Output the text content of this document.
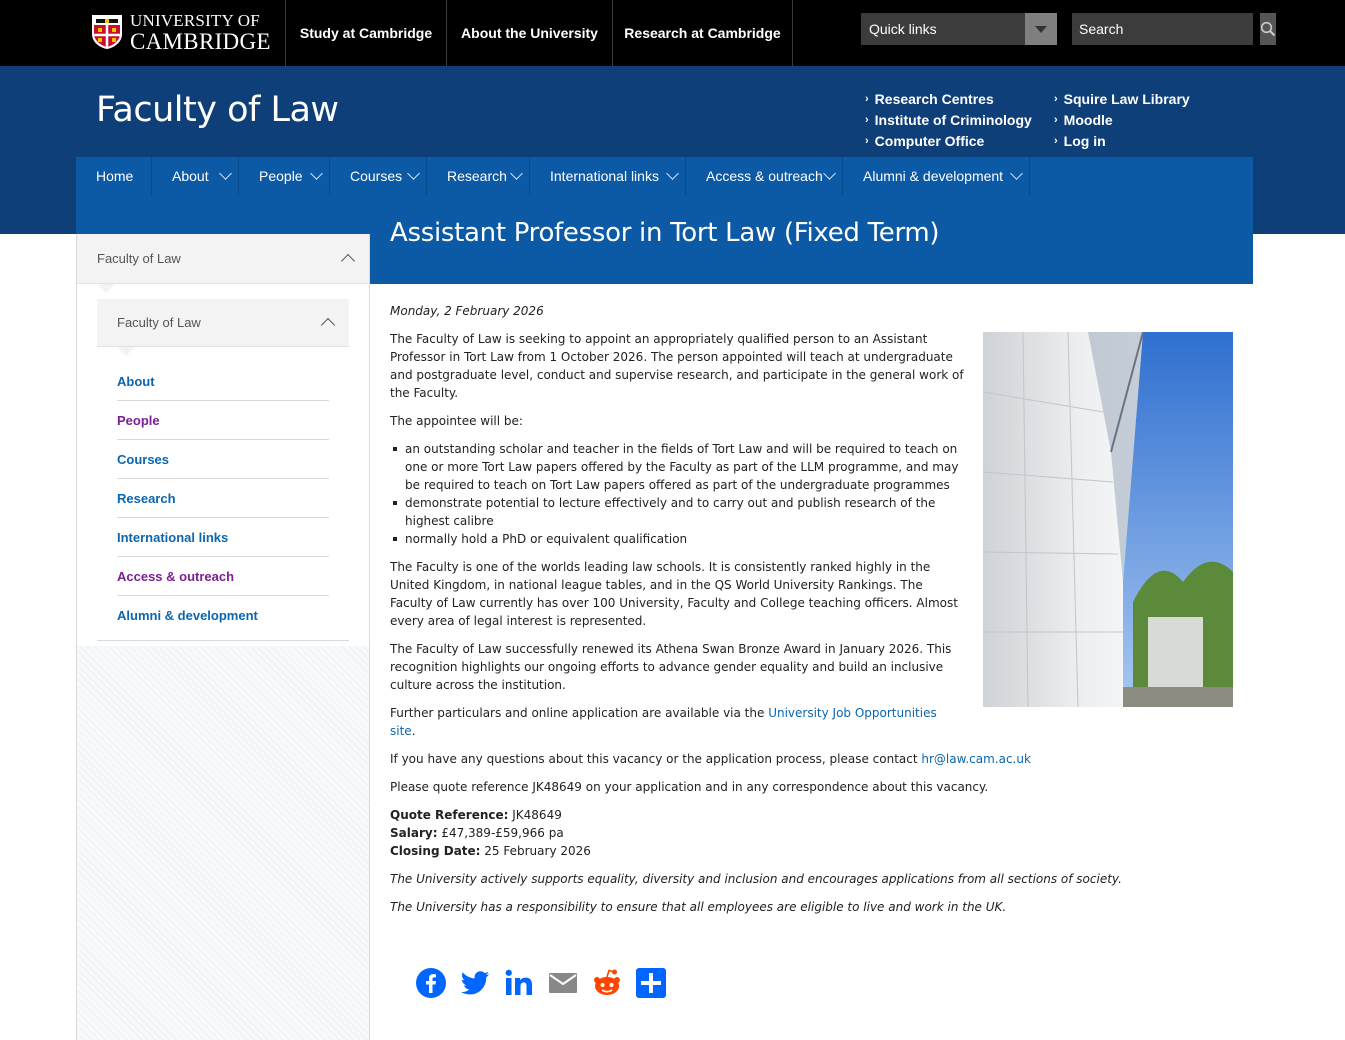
UNIVERSITY OF
CAMBRIDGE	Study at Cambridge	About the University	Research at Cambridge	Quick links
Search
Faculty of Law	› Research Centres
› Institute of Criminology
› Computer Office
› Squire Law Library
› Moodle
› Log in
Home	About	People	Courses	Research	International links	Access & outreach	Alumni & development
Faculty of Law
Faculty of Law
About
People
Courses
Research
International links
Access & outreach
Alumni & development
Assistant Professor in Tort Law (Fixed Term)

Monday, 2 February 2026

The Faculty of Law is seeking to appoint an appropriately qualified person to an Assistant Professor in Tort Law from 1 October 2026. The person appointed will teach at undergraduate and postgraduate level, conduct and supervise research, and participate in the general work of the Faculty.

The appointee will be:

an outstanding scholar and teacher in the fields of Tort Law and will be required to teach on one or more Tort Law papers offered by the Faculty as part of the LLM programme, and may be required to teach on Tort Law papers offered as part of the undergraduate programmes
demonstrate potential to lecture effectively and to carry out and publish research of the highest calibre
normally hold a PhD or equivalent qualification

The Faculty is one of the worlds leading law schools. It is consistently ranked highly in the United Kingdom, in national league tables, and in the QS World University Rankings. The Faculty of Law currently has over 100 University, Faculty and College teaching officers. Almost every area of legal interest is represented.

The Faculty of Law successfully renewed its Athena Swan Bronze Award in January 2026. This recognition highlights our ongoing efforts to advance gender equality and build an inclusive culture across the institution.

Further particulars and online application are available via the University Job Opportunities site.

If you have any questions about this vacancy or the application process, please contact hr@law.cam.ac.uk

Please quote reference JK48649 on your application and in any correspondence about this vacancy.

Quote Reference: JK48649

Salary: £47,389-£59,966 pa

Closing Date: 25 February 2026

The University actively supports equality, diversity and inclusion and encourages applications from all sections of society.

The University has a responsibility to ensure that all employees are eligible to live and work in the UK.
